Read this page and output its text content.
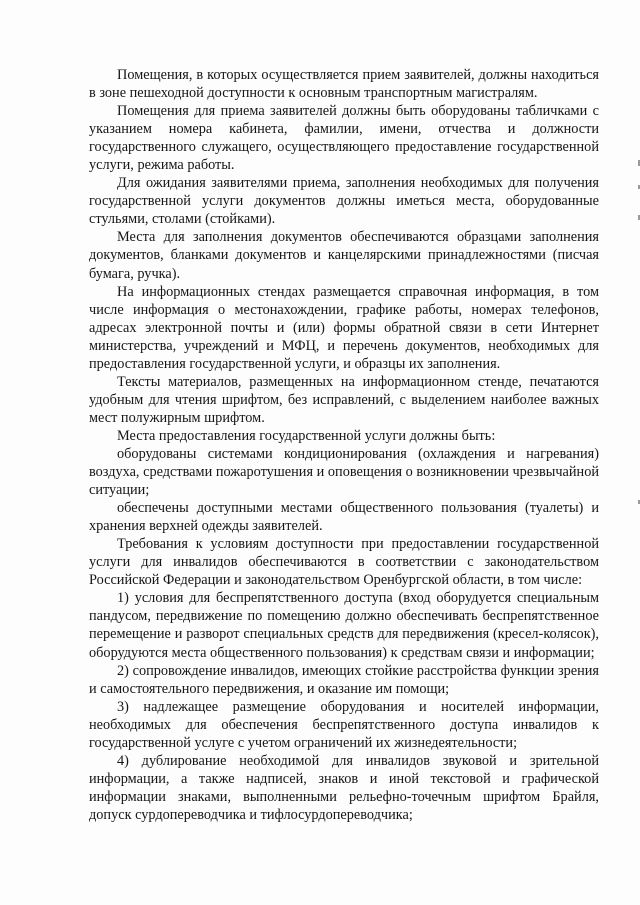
Помещения, в которых осуществляется прием заявителей, должны находиться в зоне пешеходной доступности к основным транспортным магистралям.

Помещения для приема заявителей должны быть оборудованы табличками с указанием номера кабинета, фамилии, имени, отчества и должности государственного служащего, осуществляющего предоставление государственной услуги, режима работы.

Для ожидания заявителями приема, заполнения необходимых для получения государственной услуги документов должны иметься места, оборудованные стульями, столами (стойками).

Места для заполнения документов обеспечиваются образцами заполнения документов, бланками документов и канцелярскими принадлежностями (писчая бумага, ручка).

На информационных стендах размещается справочная информация, в том числе информация о местонахождении, графике работы, номерах телефонов, адресах электронной почты и (или) формы обратной связи в сети Интернет министерства, учреждений и МФЦ, и перечень документов, необходимых для предоставления государственной услуги, и образцы их заполнения.

Тексты материалов, размещенных на информационном стенде, печатаются удобным для чтения шрифтом, без исправлений, с выделением наиболее важных мест полужирным шрифтом.

Места предоставления государственной услуги должны быть:

оборудованы системами кондиционирования (охлаждения и нагревания) воздуха, средствами пожаротушения и оповещения о возникновении чрезвычайной ситуации;

обеспечены доступными местами общественного пользования (туалеты) и хранения верхней одежды заявителей.

Требования к условиям доступности при предоставлении государственной услуги для инвалидов обеспечиваются в соответствии с законодательством Российской Федерации и законодательством Оренбургской области, в том числе:

1) условия для беспрепятственного доступа (вход оборудуется специальным пандусом, передвижение по помещению должно обеспечивать беспрепятственное перемещение и разворот специальных средств для передвижения (кресел-колясок), оборудуются места общественного пользования) к средствам связи и информации;

2) сопровождение инвалидов, имеющих стойкие расстройства функции зрения и самостоятельного передвижения, и оказание им помощи;

3) надлежащее размещение оборудования и носителей информации, необходимых для обеспечения беспрепятственного доступа инвалидов к государственной услуге с учетом ограничений их жизнедеятельности;

4) дублирование необходимой для инвалидов звуковой и зрительной информации, а также надписей, знаков и иной текстовой и графической информации знаками, выполненными рельефно-точечным шрифтом Брайля, допуск сурдопереводчика и тифлосурдопереводчика;
